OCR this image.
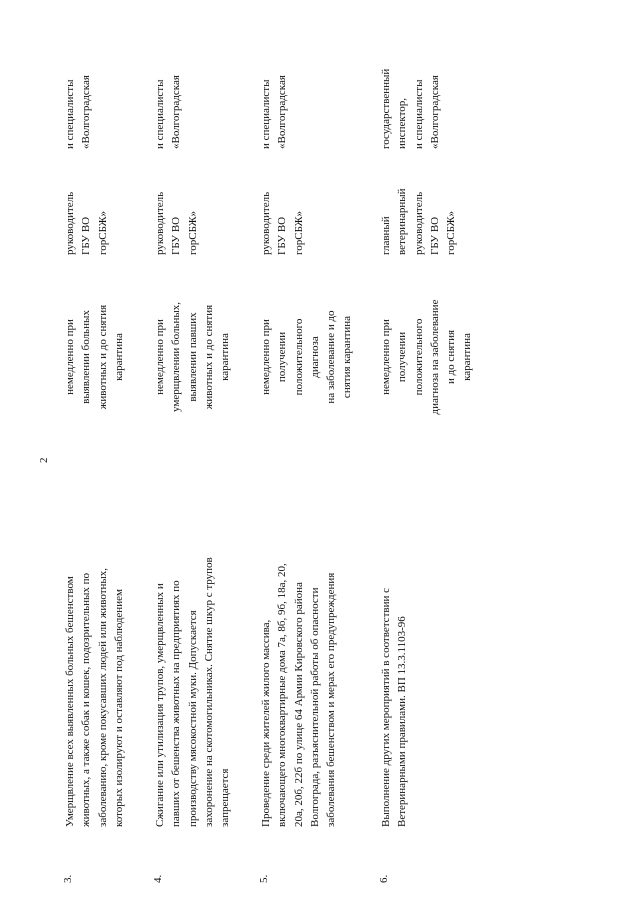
2
3.
Умерщвление всех выявленных больных бешенством
животных, а также собак и кошек, подозрительных по
заболеванию, кроме покусавших людей или животных,
которых изолируют и оставляют под наблюдением
немедленно при
выявлении больных
животных и до снятия
карантина
руководитель
ГБУ ВО
горСБЖ»
и специалисты
«Волгоградская
4.
Сжигание или утилизация трупов, умерщвленных и
павших от бешенства животных на предприятиях по
производству мясокостной муки. Допускается
захоронение на скотомогильниках. Снятие шкур с трупов
запрещается
немедленно при
умерщвлении больных,
выявлении павших
животных и до снятия
карантина
руководитель
ГБУ ВО
горСБЖ»
и специалисты
«Волгоградская
5.
Проведение среди жителей жилого массива,
включающего многоквартирные дома 7а, 8б, 9б, 18а, 20,
20а, 20б, 22б по улице 64 Армии Кировского района
Волгограда, разъяснительной работы об опасности
заболевания бешенством и мерах его предупреждения
немедленно при
получении
положительного
диагноза
на заболевание и до
снятия карантина
руководитель
ГБУ ВО
горСБЖ»
и специалисты
«Волгоградская
6.
Выполнение других мероприятий в соответствии с
Ветеринарными правилами. ВП 13.3.1103-96
немедленно при
получении
положительного
диагноза на заболевание
и до снятия
карантина
главный
ветеринарный
руководитель
ГБУ ВО
горСБЖ»
государственный
инспектор,
и специалисты
«Волгоградская
